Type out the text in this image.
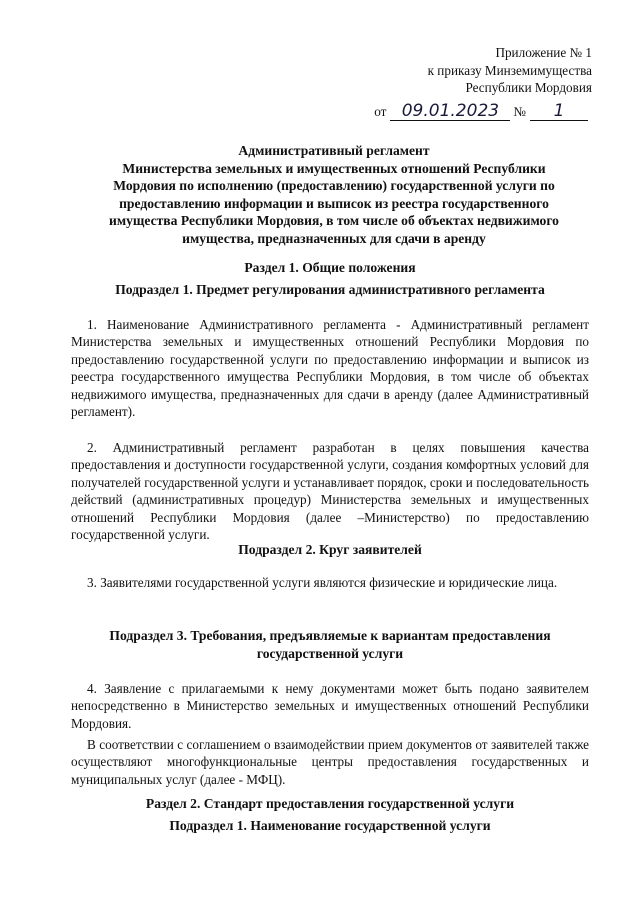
Приложение № 1
к приказу Минземимущества
Республики Мордовия
от 09.01.2023	№	1
Административный регламент
Министерства земельных и имущественных отношений Республики
Мордовия по исполнению (предоставлению) государственной услуги по
предоставлению информации и выписок из реестра государственного
имущества Республики Мордовия, в том числе об объектах недвижимого
имущества, предназначенных для сдачи в аренду
Раздел 1. Общие положения
Подраздел 1. Предмет регулирования административного регламента
1. Наименование Административного регламента - Административный регламент Министерства земельных и имущественных отношений Республики Мордовия по предоставлению государственной услуги по предоставлению информации и выписок из реестра государственного имущества Республики Мордовия, в том числе об объектах недвижимого имущества, предназначенных для сдачи в аренду (далее Административный регламент).
2. Административный регламент разработан в целях повышения качества предоставления и доступности государственной услуги, создания комфортных условий для получателей государственной услуги и устанавливает порядок, сроки и последовательность действий (административных процедур) Министерства земельных и имущественных отношений Республики Мордовия (далее –Министерство) по предоставлению государственной услуги.
Подраздел 2. Круг заявителей
3. Заявителями государственной услуги являются физические и юридические лица.
Подраздел 3. Требования, предъявляемые к вариантам предоставления
государственной услуги
4. Заявление с прилагаемыми к нему документами может быть подано заявителем непосредственно в Министерство земельных и имущественных отношений Республики Мордовия.
В соответствии с соглашением о взаимодействии прием документов от заявителей также осуществляют многофункциональные центры предоставления государственных и муниципальных услуг (далее - МФЦ).
Раздел 2. Стандарт предоставления государственной услуги
Подраздел 1. Наименование государственной услуги
